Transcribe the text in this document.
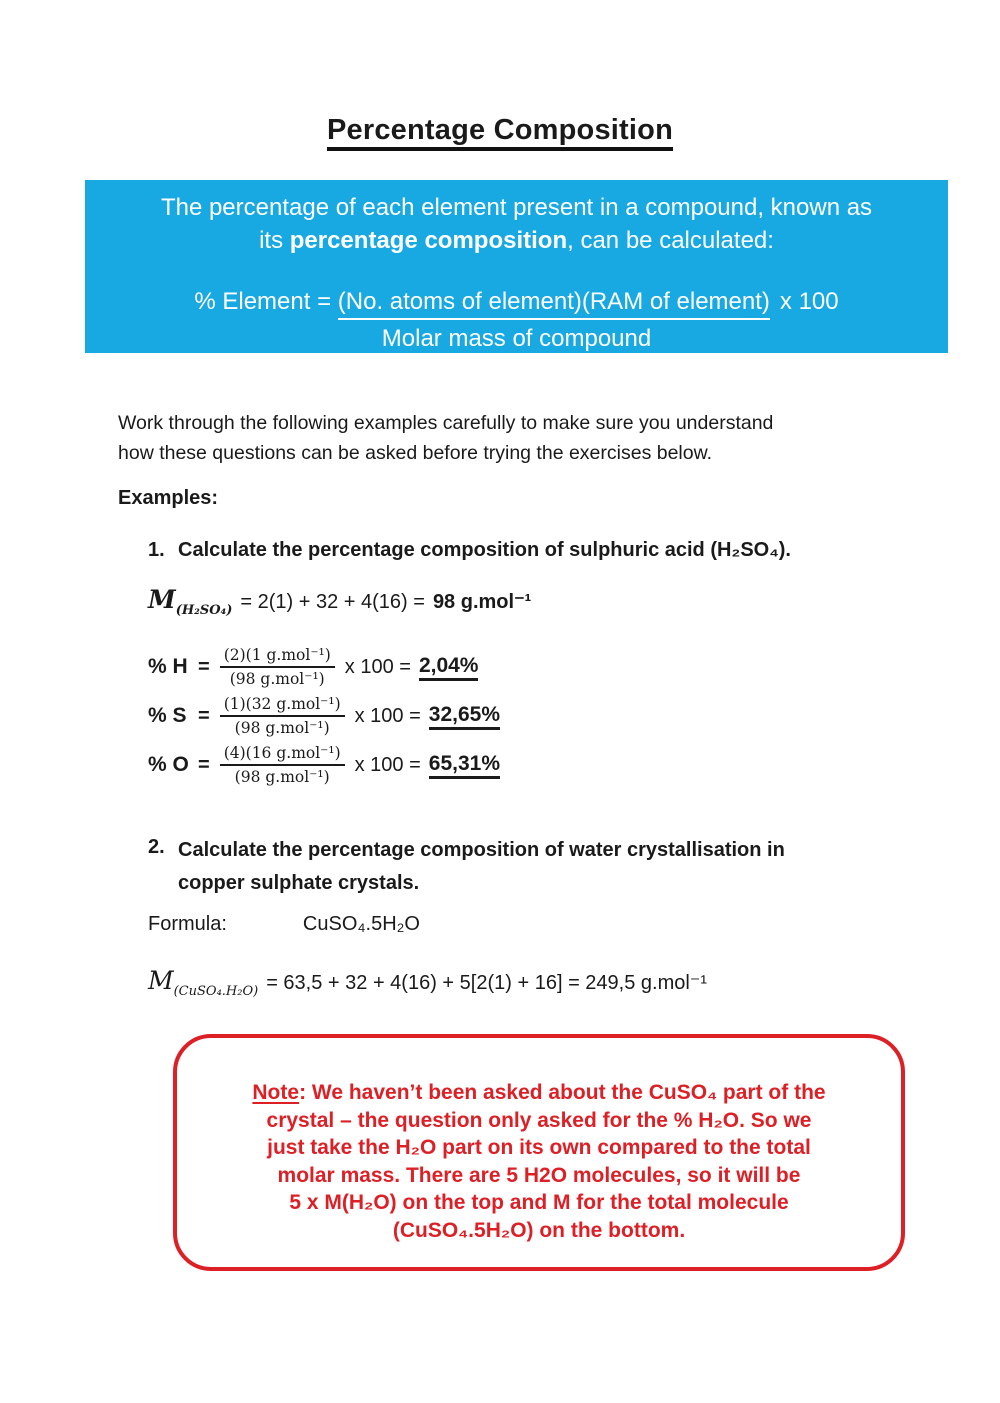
Percentage Composition
The percentage of each element present in a compound, known as
its percentage composition, can be calculated:
% Element = (No. atoms of element)(RAM of element) x 100
Molar mass of compound

Work through the following examples carefully to make sure you understand
how these questions can be asked before trying the exercises below.

Examples:

1. Calculate the percentage composition of sulphuric acid (H₂SO₄).

$M_{(H_2SO_4)} = 2(1) + 32 + 4(16) = 98$ g.mol⁻¹

% $H = \frac{\text{(2)(1 g.mol⁻¹)}}{\text{(98 g.mol⁻¹)}}$ x 100 = 2,04%
% $S = \frac{\text{(1)(32 g.mol⁻¹)}}{\text{(98 g.mol⁻¹)}}$ x 100 = 32,65%
% $O = \frac{\text{(4)(16 g.mol⁻¹)}}{\text{(98 g.mol⁻¹)}}$ x 100 = 65,31%
2. Calculate the percentage composition of water crystallisation in
copper sulphate crystals.

Formula:	CuSO₄.5H₂O

$M_{(CuSO_4.H_2O)} = 63,5 + 32 + 4(16) + 5[2(1) + 16] = 249,5$ g.mol⁻¹

Note: We haven’t been asked about the CuSO₄ part of the
crystal – the question only asked for the % H₂O. So we
just take the H₂O part on its own compared to the total
molar mass. There are 5 H2O molecules, so it will be
5 x M(H₂O) on the top and M for the total molecule
(CuSO₄.5H₂O) on the bottom.
